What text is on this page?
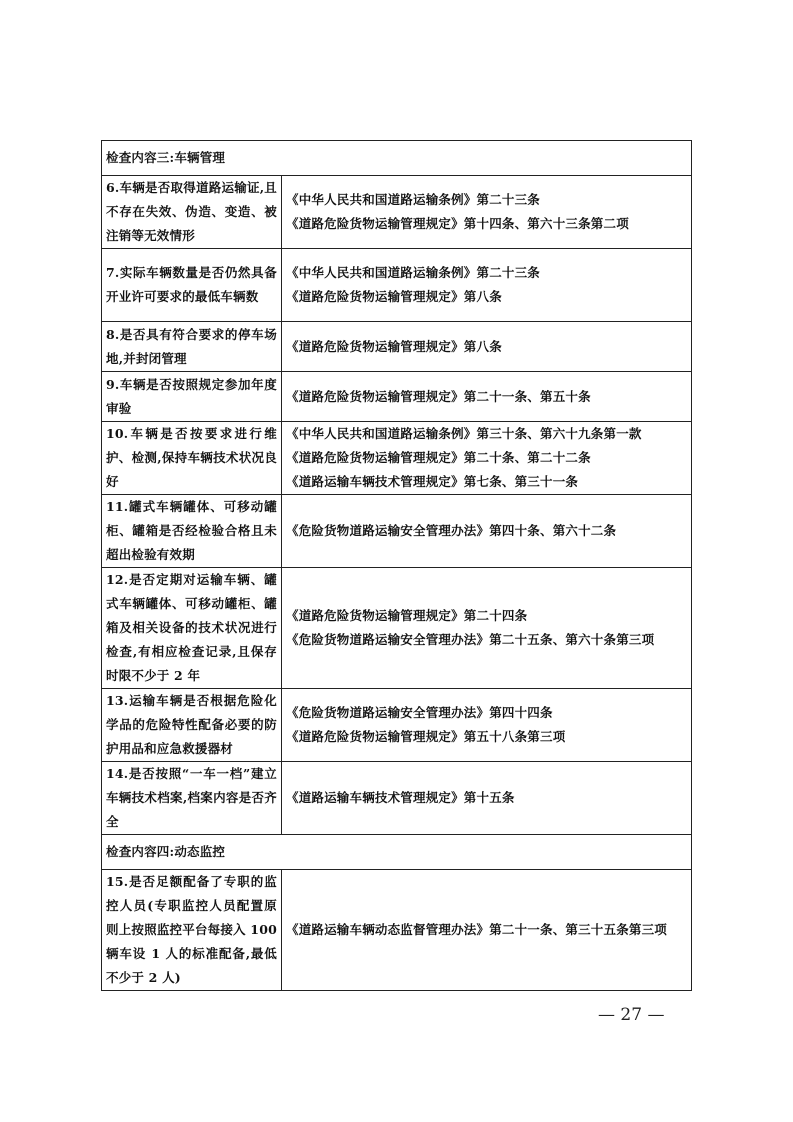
检查内容三:车辆管理	
6.车辆是否取得道路运输证,且不存在失效、伪造、变造、被注销等无效情形	《中华人民共和国道路运输条例》第二十三条
《道路危险货物运输管理规定》第十四条、第六十三条第二项

7.实际车辆数量是否仍然具备开业许可要求的最低车辆数	《中华人民共和国道路运输条例》第二十三条
《道路危险货物运输管理规定》第八条

8.是否具有符合要求的停车场地,并封闭管理	《道路危险货物运输管理规定》第八条

9.车辆是否按照规定参加年度审验	《道路危险货物运输管理规定》第二十一条、第五十条

10.车辆是否按要求进行维护、检测,保持车辆技术状况良好	《中华人民共和国道路运输条例》第三十条、第六十九条第一款
《道路危险货物运输管理规定》第二十条、第二十二条
《道路运输车辆技术管理规定》第七条、第三十一条

11.罐式车辆罐体、可移动罐柜、罐箱是否经检验合格且未超出检验有效期	《危险货物道路运输安全管理办法》第四十条、第六十二条

12.是否定期对运输车辆、罐式车辆罐体、可移动罐柜、罐箱及相关设备的技术状况进行检查,有相应检查记录,且保存时限不少于 2 年	《道路危险货物运输管理规定》第二十四条
《危险货物道路运输安全管理办法》第二十五条、第六十条第三项

13.运输车辆是否根据危险化学品的危险特性配备必要的防护用品和应急救援器材	《危险货物道路运输安全管理办法》第四十四条
《道路危险货物运输管理规定》第五十八条第三项

14.是否按照“一车一档”建立车辆技术档案,档案内容是否齐全	《道路运输车辆技术管理规定》第十五条

检查内容四:动态监控	
15.是否足额配备了专职的监控人员(专职监控人员配置原则上按照监控平台每接入 100 辆车设 1 人的标准配备,最低不少于 2 人)	《道路运输车辆动态监督管理办法》第二十一条、第三十五条第三项
— 27 —
